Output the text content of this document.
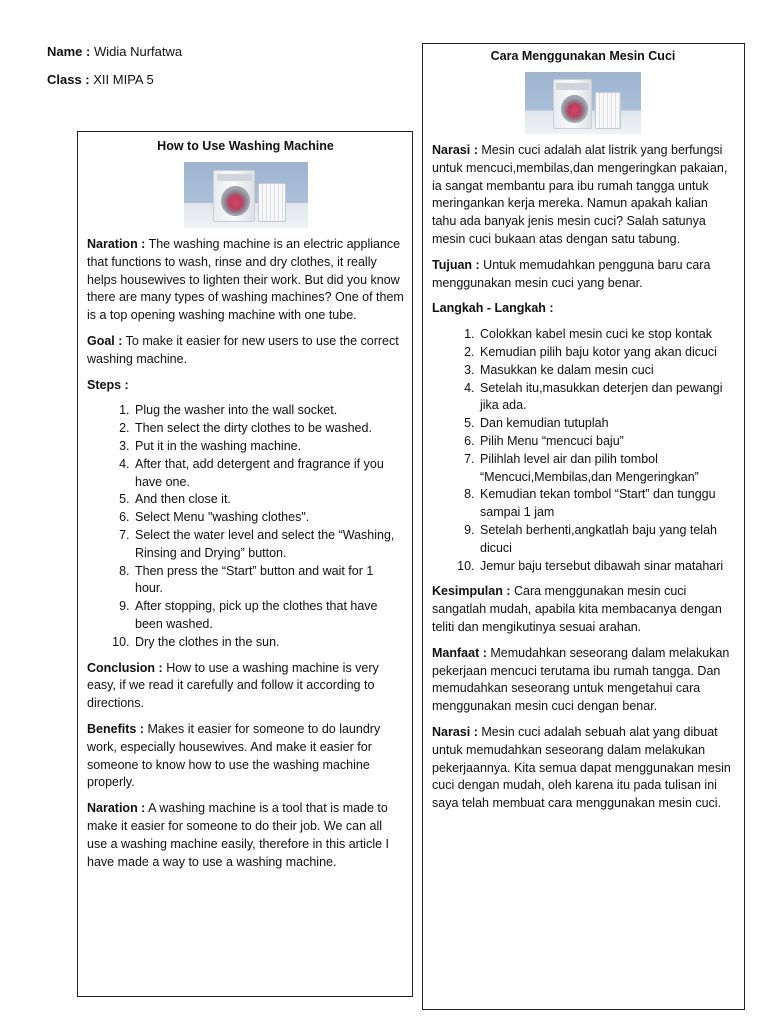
Name : Widia Nurfatwa
Class : XII MIPA 5
How to Use Washing Machine

Naration : The washing machine is an electric appliance that functions to wash, rinse and dry clothes, it really helps housewives to lighten their work. But did you know there are many types of washing machines? One of them is a top opening washing machine with one tube.

Goal : To make it easier for new users to use the correct washing machine.

Steps :

1. Plug the washer into the wall socket.
2. Then select the dirty clothes to be washed.
3. Put it in the washing machine.
4. After that, add detergent and fragrance if you have one.
5. And then close it.
6. Select Menu "washing clothes".
7. Select the water level and select the “Washing, Rinsing and Drying” button.
8. Then press the “Start” button and wait for 1 hour.
9. After stopping, pick up the clothes that have been washed.
10. Dry the clothes in the sun.

Conclusion : How to use a washing machine is very easy, if we read it carefully and follow it according to directions.

Benefits : Makes it easier for someone to do laundry work, especially housewives. And make it easier for someone to know how to use the washing machine properly.

Naration : A washing machine is a tool that is made to make it easier for someone to do their job. We can all use a washing machine easily, therefore in this article I have made a way to use a washing machine.

Cara Menggunakan Mesin Cuci

Narasi : Mesin cuci adalah alat listrik yang berfungsi untuk mencuci,membilas,dan mengeringkan pakaian, ia sangat membantu para ibu rumah tangga untuk meringankan kerja mereka. Namun apakah kalian tahu ada banyak jenis mesin cuci? Salah satunya mesin cuci bukaan atas dengan satu tabung.

Tujuan : Untuk memudahkan pengguna baru cara menggunakan mesin cuci yang benar.

Langkah - Langkah :

1. Colokkan kabel mesin cuci ke stop kontak
2. Kemudian pilih baju kotor yang akan dicuci
3. Masukkan ke dalam mesin cuci
4. Setelah itu,masukkan deterjen dan pewangi jika ada.
5. Dan kemudian tutuplah
6. Pilih Menu “mencuci baju”
7. Pilihlah level air dan pilih tombol “Mencuci,Membilas,dan Mengeringkan”
8. Kemudian tekan tombol “Start” dan tunggu sampai 1 jam
9. Setelah berhenti,angkatlah baju yang telah dicuci
10. Jemur baju tersebut dibawah sinar matahari

Kesimpulan : Cara menggunakan mesin cuci sangatlah mudah, apabila kita membacanya dengan teliti dan mengikutinya sesuai arahan.

Manfaat : Memudahkan seseorang dalam melakukan pekerjaan mencuci terutama ibu rumah tangga. Dan memudahkan seseorang untuk mengetahui cara menggunakan mesin cuci dengan benar.

Narasi : Mesin cuci adalah sebuah alat yang dibuat untuk memudahkan seseorang dalam melakukan pekerjaannya. Kita semua dapat menggunakan mesin cuci dengan mudah, oleh karena itu pada tulisan ini saya telah membuat cara menggunakan mesin cuci.
